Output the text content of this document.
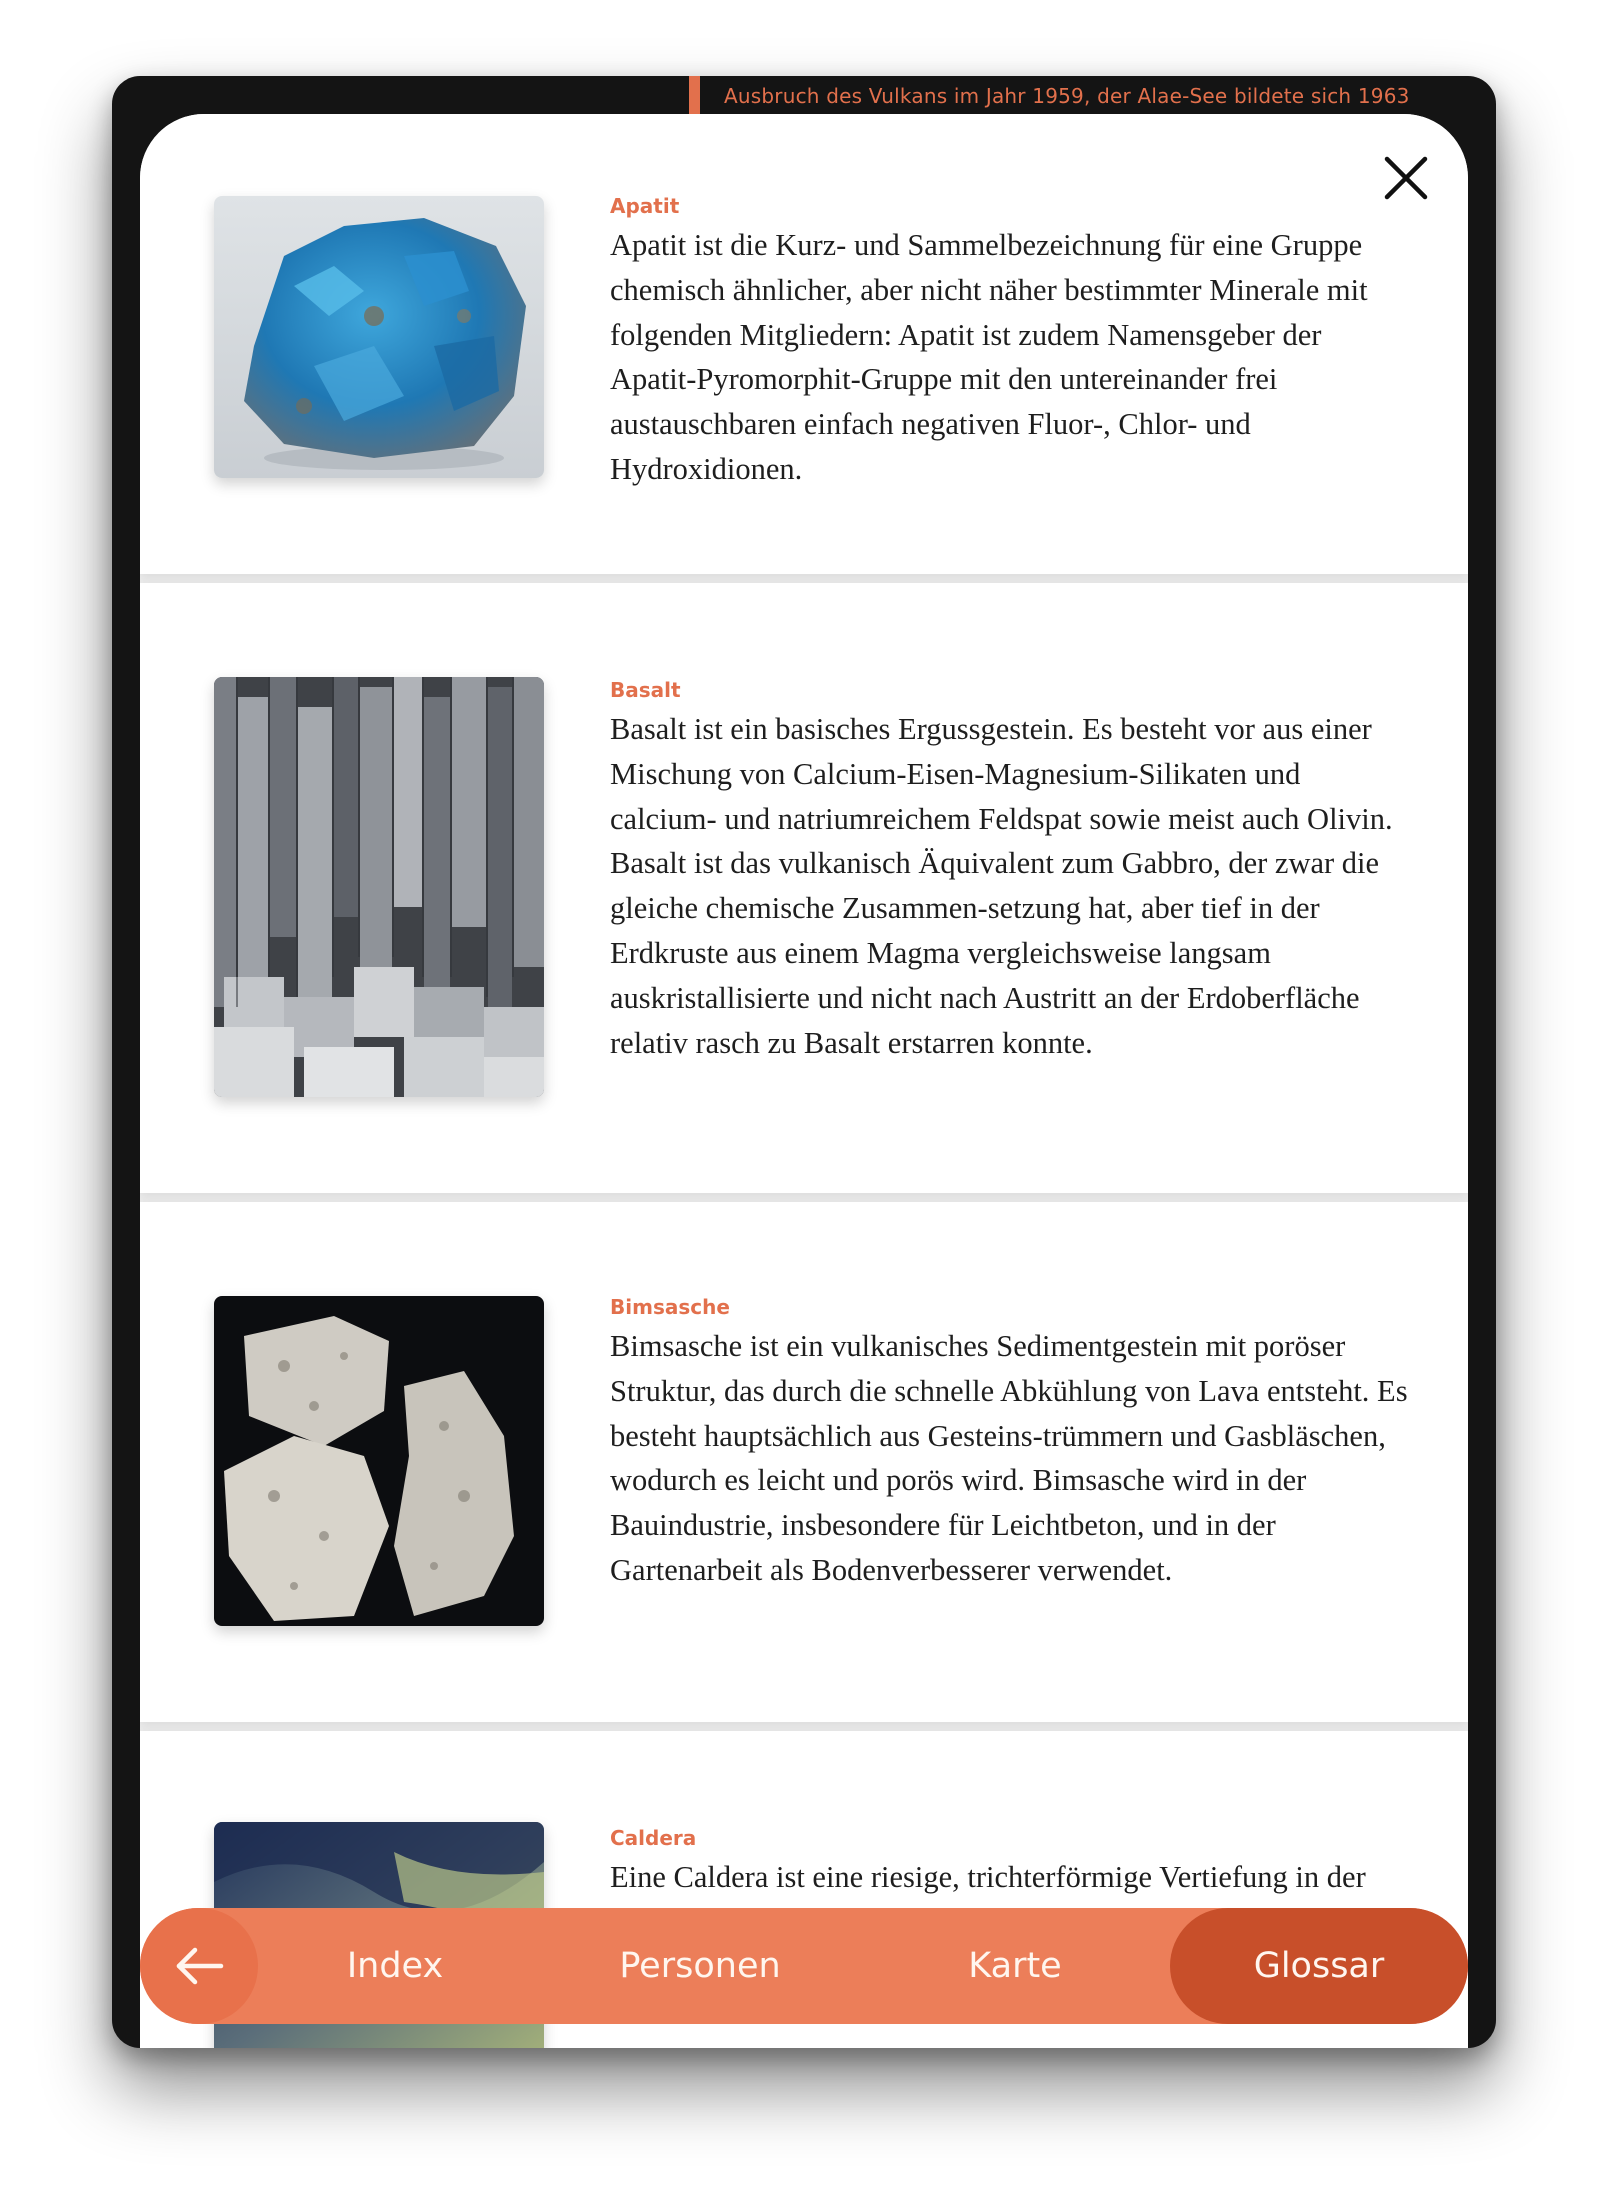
Ausbruch des Vulkans im Jahr 1959, der Alae-See bildete sich 1963
Apatit
Apatit ist die Kurz- und Sammelbezeichnung für eine Gruppe chemisch ähnlicher, aber nicht näher bestimmter Minerale mit folgenden Mitgliedern: Apatit ist zudem Namensgeber der Apatit-Pyromorphit-Gruppe mit den untereinander frei austauschbaren einfach negativen Fluor-, Chlor- und Hydroxidionen.
Basalt
Basalt ist ein basisches Ergussgestein. Es besteht vor aus einer Mischung von Calcium-Eisen-Magnesium-Silikaten und calcium- und natriumreichem Feldspat sowie meist auch Olivin. Basalt ist das vulkanisch Äquivalent zum Gabbro, der zwar die gleiche chemische Zusammen-setzung hat, aber tief in der Erdkruste aus einem Magma vergleichsweise langsam auskristallisierte und nicht nach Austritt an der Erdoberfläche relativ rasch zu Basalt erstarren konnte.
Bimsasche
Bimsasche ist ein vulkanisches Sedimentgestein mit poröser Struktur, das durch die schnelle Abkühlung von Lava entsteht. Es besteht hauptsächlich aus Gesteins-trümmern und Gasbläschen, wodurch es leicht und porös wird. Bimsasche wird in der Bauindustrie, insbesondere für Leichtbeton, und in der Gartenarbeit als Bodenverbesserer verwendet.
Caldera
Eine Caldera ist eine riesige, trichterförmige Vertiefung in der
Index	Personen	Karte	Glossar
